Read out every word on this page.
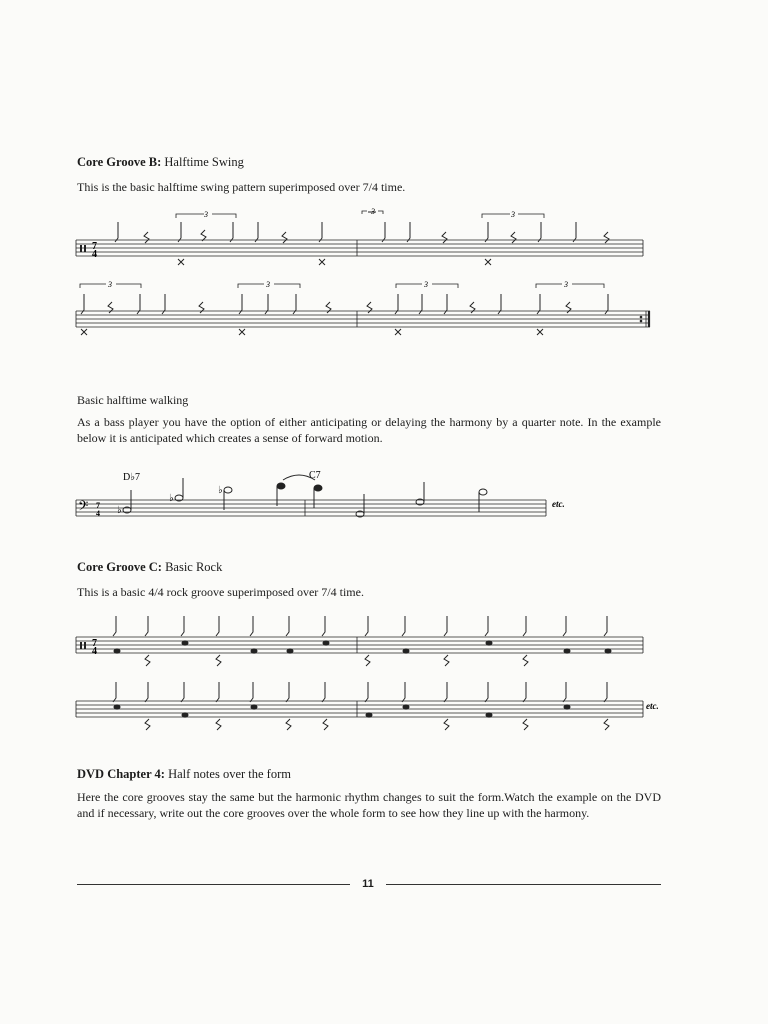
Core Groove B: Halftime Swing
This is the basic halftime swing pattern superimposed over 7/4 time.
7
4
3	3	3
3	3	3	3
Basic halftime walking
As a bass player you have the option of either anticipating or delaying the harmony by a quarter note. In the example below it is anticipated which creates a sense of forward motion.
𝄢 7
4
D♭7	C7
♭
♭
♭
etc.
Core Groove C: Basic Rock
This is a basic 4/4 rock groove superimposed over 7/4 time.
7
4
etc.
DVD Chapter 4: Half notes over the form
Here the core grooves stay the same but the harmonic rhythm changes to suit the form.Watch the example on the DVD and if necessary, write out the core grooves over the whole form to see how they line up with the harmony.
11
